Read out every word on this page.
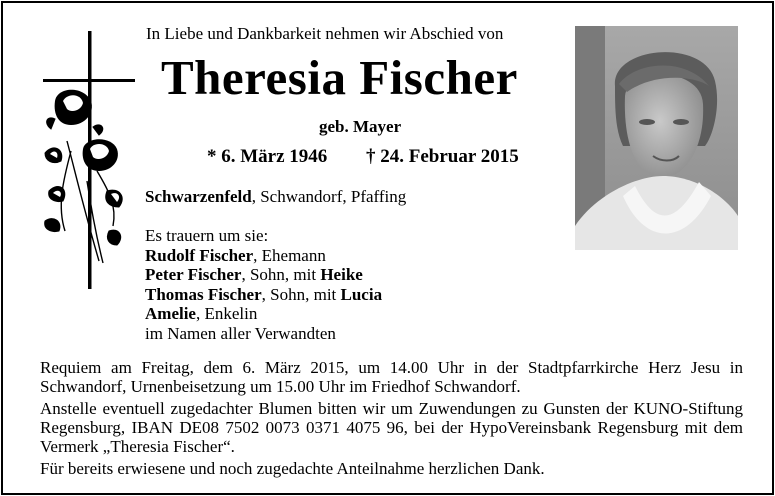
In Liebe und Dankbarkeit nehmen wir Abschied von
Theresia Fischer
geb. Mayer
* 6. März 1946 † 24. Februar 2015
Schwarzenfeld, Schwandorf, Pfaffing
Es trauern um sie:
Rudolf Fischer, Ehemann
Peter Fischer, Sohn, mit Heike
Thomas Fischer, Sohn, mit Lucia
Amelie, Enkelin
im Namen aller Verwandten
Requiem am Freitag, dem 6. März 2015, um 14.00 Uhr in der Stadtpfarrkirche Herz Jesu in Schwandorf, Urnenbeisetzung um 15.00 Uhr im Friedhof Schwandorf.
Anstelle eventuell zugedachter Blumen bitten wir um Zuwendungen zu Gunsten der KUNO-Stiftung Regensburg, IBAN DE08 7502 0073 0371 4075 96, bei der HypoVereinsbank Regensburg mit dem Vermerk „Theresia Fischer“.
Für bereits erwiesene und noch zugedachte Anteilnahme herzlichen Dank.
